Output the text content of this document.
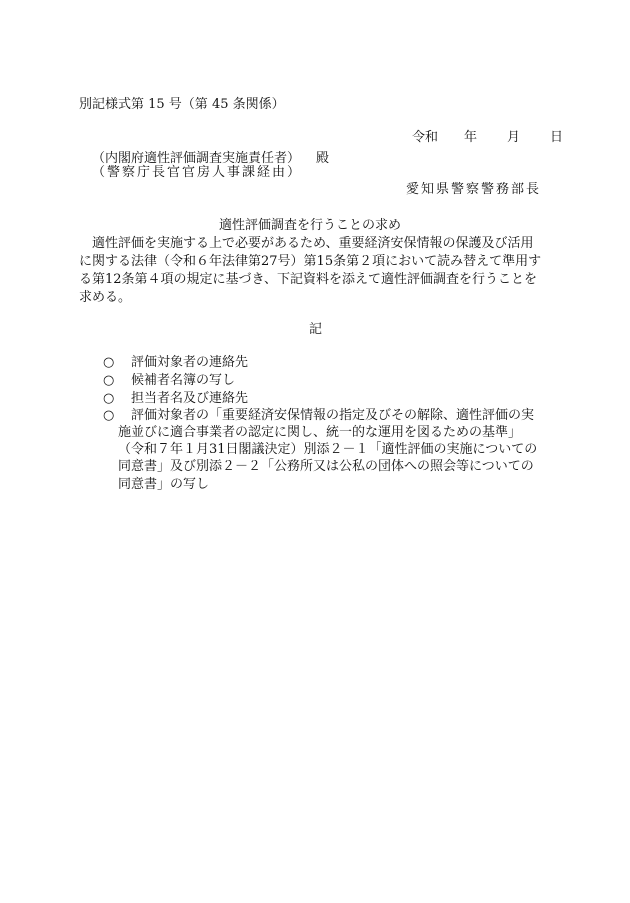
別記様式第 15 号（第 45 条関係）
令和 年 月 日
（内閣府適性評価調査実施責任者） 殿
（警察庁長官官房人事課経由）
愛知県警察警務部長
適性評価調査を行うことの求め
適性評価を実施する上で必要があるため、重要経済安保情報の保護及び活用
に関する法律（令和６年法律第27号）第15条第２項において読み替えて準用す
る第12条第４項の規定に基づき、下記資料を添えて適性評価調査を行うことを
求める。
記
○ 評価対象者の連絡先
○ 候補者名簿の写し
○ 担当者名及び連絡先
○ 評価対象者の「重要経済安保情報の指定及びその解除、適性評価の実
施並びに適合事業者の認定に関し、統一的な運用を図るための基準」
（令和７年１月31日閣議決定）別添２－１「適性評価の実施についての
同意書」及び別添２－２「公務所又は公私の団体への照会等についての
同意書」の写し
